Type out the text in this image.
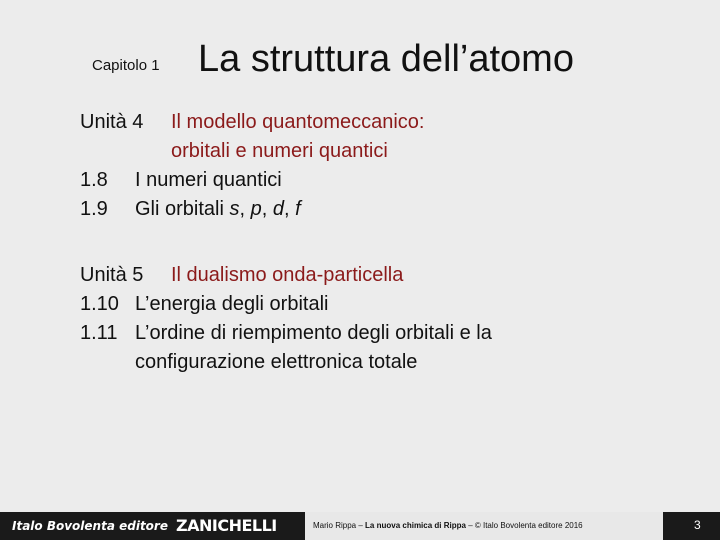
Capitolo 1 La struttura dell’atomo
Unità 4	Il modello quantomeccanico:
orbitali e numeri quantici
1.8	I numeri quantici
1.9	Gli orbitali s, p, d, f
Unità 5	Il dualismo onda-particella
1.10 L’energia degli orbitali
1.11 L’ordine di riempimento degli orbitali e la
configurazione elettronica totale
Italo Bovolenta editore ZANICHELLI	Mario Rippa – La nuova chimica di Rippa – © Italo Bovolenta editore 2016	3
